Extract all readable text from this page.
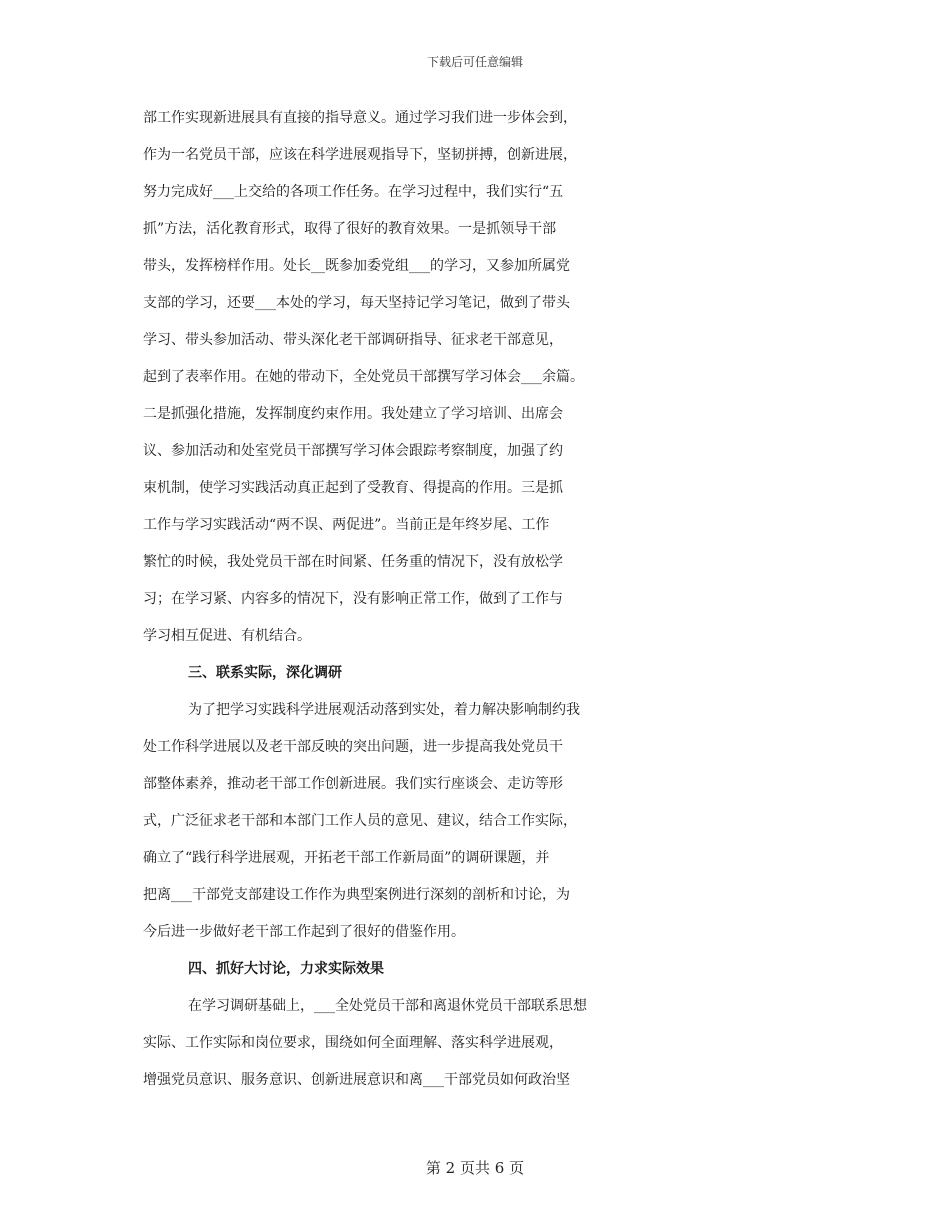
下载后可任意编辑
部工作实现新进展具有直接的指导意义。通过学习我们进一步体会到，
作为一名党员干部，应该在科学进展观指导下，坚韧拼搏，创新进展，
努力完成好___上交给的各项工作任务。在学习过程中，我们实行“五
抓”方法，活化教育形式，取得了很好的教育效果。一是抓领导干部
带头，发挥榜样作用。处长__既参加委党组___的学习，又参加所属党
支部的学习，还要___本处的学习，每天坚持记学习笔记，做到了带头
学习、带头参加活动、带头深化老干部调研指导、征求老干部意见，
起到了表率作用。在她的带动下，全处党员干部撰写学习体会___余篇。
二是抓强化措施，发挥制度约束作用。我处建立了学习培训、出席会
议、参加活动和处室党员干部撰写学习体会跟踪考察制度，加强了约
束机制，使学习实践活动真正起到了受教育、得提高的作用。三是抓
工作与学习实践活动“两不误、两促进”。当前正是年终岁尾、工作
繁忙的时候，我处党员干部在时间紧、任务重的情况下，没有放松学
习；在学习紧、内容多的情况下，没有影响正常工作，做到了工作与
学习相互促进、有机结合。
三、联系实际，深化调研
为了把学习实践科学进展观活动落到实处，着力解决影响制约我
处工作科学进展以及老干部反映的突出问题，进一步提高我处党员干
部整体素养，推动老干部工作创新进展。我们实行座谈会、走访等形
式，广泛征求老干部和本部门工作人员的意见、建议，结合工作实际，
确立了“践行科学进展观，开拓老干部工作新局面”的调研课题，并
把离___干部党支部建设工作作为典型案例进行深刻的剖析和讨论，为
今后进一步做好老干部工作起到了很好的借鉴作用。
四、抓好大讨论，力求实际效果
在学习调研基础上，___全处党员干部和离退休党员干部联系思想
实际、工作实际和岗位要求，围绕如何全面理解、落实科学进展观，
增强党员意识、服务意识、创新进展意识和离___干部党员如何政治坚
第 2 页共 6 页
